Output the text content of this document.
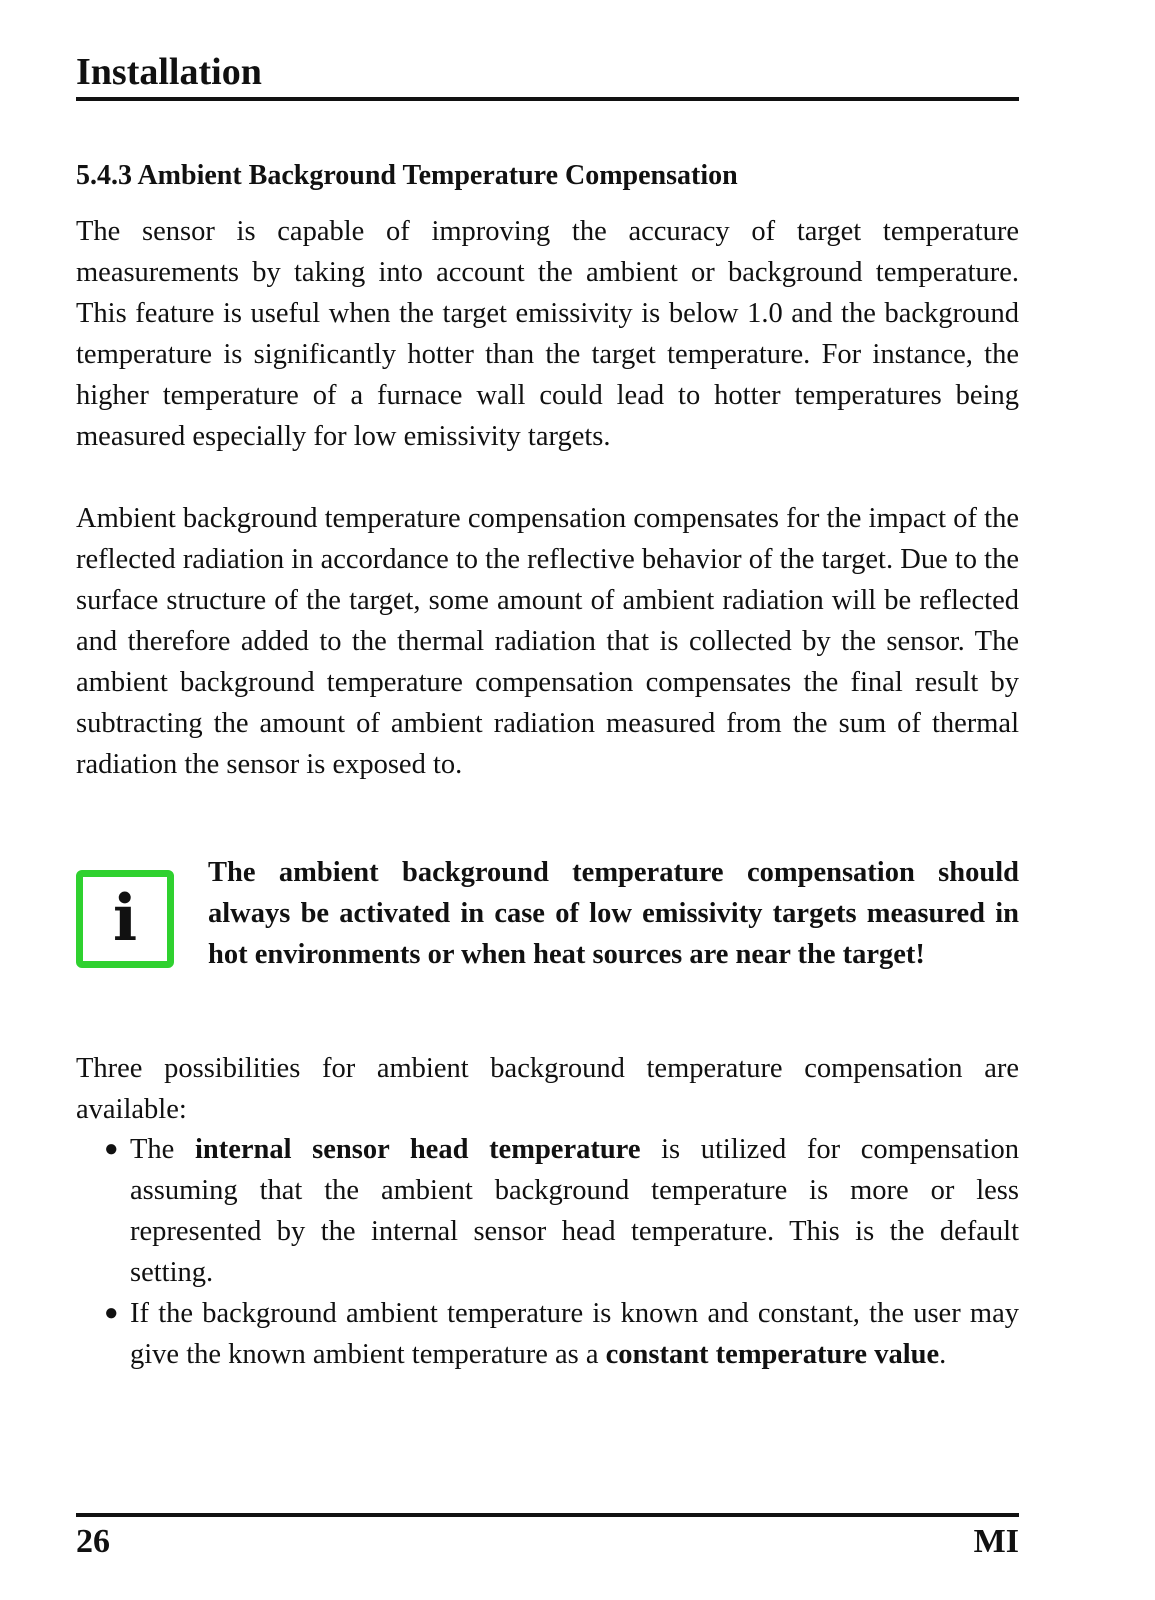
Installation
5.4.3 Ambient Background Temperature Compensation

The sensor is capable of improving the accuracy of target temperature measurements by taking into account the ambient or background temperature. This feature is useful when the target emissivity is below 1.0 and the background temperature is significantly hotter than the target temperature. For instance, the higher temperature of a furnace wall could lead to hotter temperatures being measured especially for low emissivity targets.

Ambient background temperature compensation compensates for the impact of the reflected radiation in accordance to the reflective behavior of the target. Due to the surface structure of the target, some amount of ambient radiation will be reflected and therefore added to the thermal radiation that is collected by the sensor. The ambient background temperature compensation compensates the final result by subtracting the amount of ambient radiation measured from the sum of thermal radiation the sensor is exposed to.

i

The ambient background temperature compensation should always be activated in case of low emissivity targets measured in hot environments or when heat sources are near the target!

Three possibilities for ambient background temperature compensation are available:

● The internal sensor head temperature is utilized for compensation assuming that the ambient background temperature is more or less represented by the internal sensor head temperature. This is the default setting.
● If the background ambient temperature is known and constant, the user may give the known ambient temperature as a constant temperature value.
26	MI
